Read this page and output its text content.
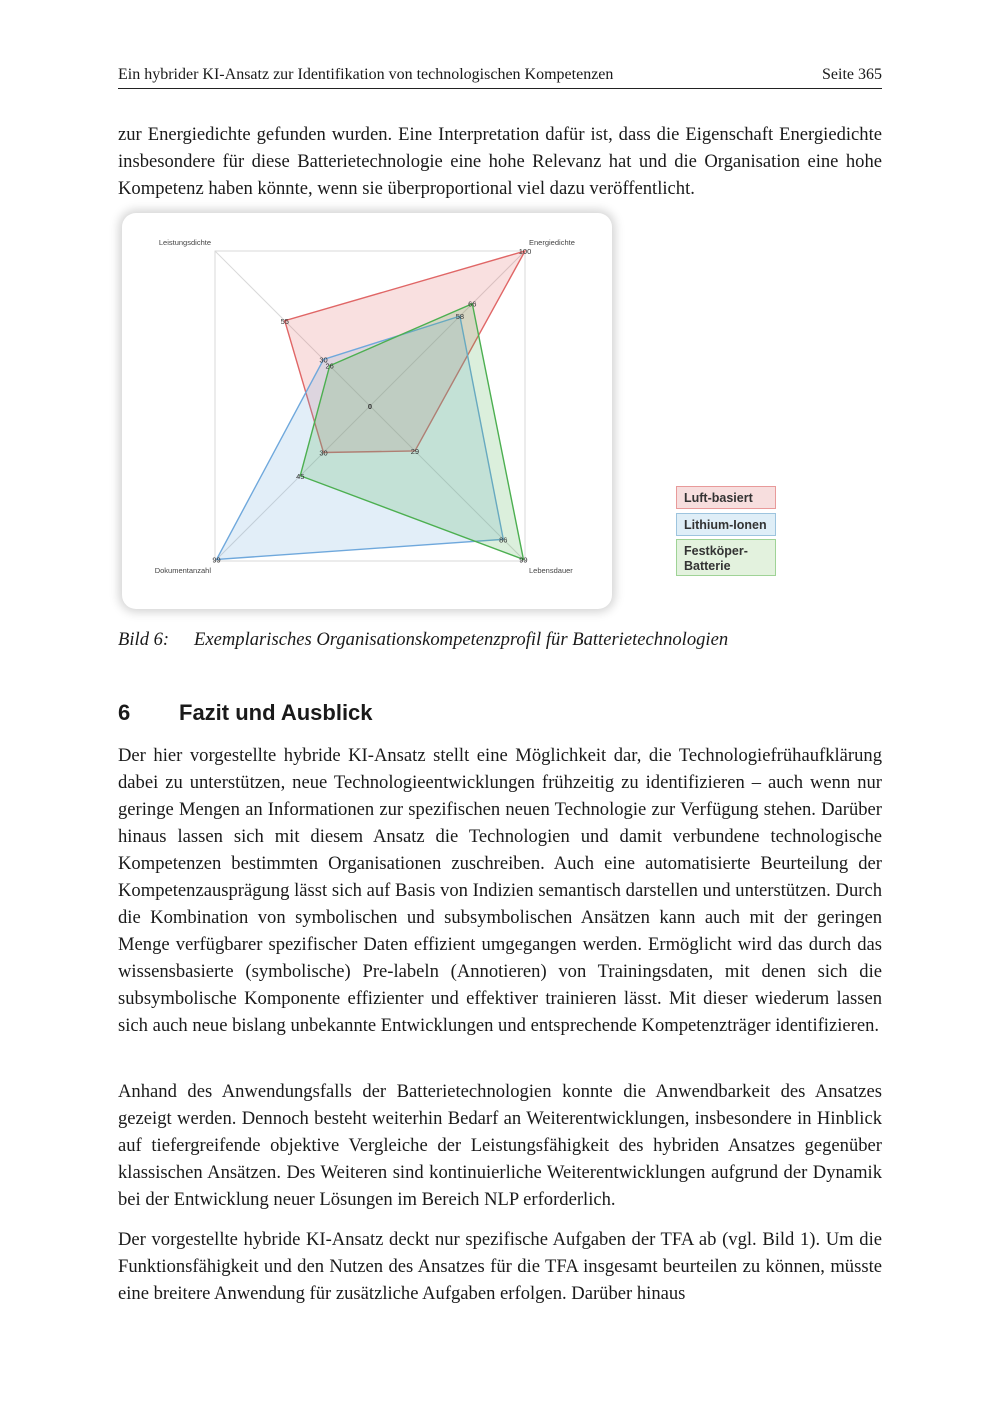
Ein hybrider KI-Ansatz zur Identifikation von technologischen Kompetenzen	Seite 365

zur Energiedichte gefunden wurden. Eine Interpretation dafür ist, dass die Eigenschaft Energiedichte insbesondere für diese Batterietechnologie eine hohe Relevanz hat und die Organisation eine hohe Kompetenz haben könnte, wenn sie überproportional viel dazu veröffentlicht.

100
29
30
55
58
86
99
30
66
99
45
26
0
Energiedichte
Lebensdauer
Dokumentanzahl
Leistungsdichte
Luft-basiert
Lithium-Ionen
Festköper-
Batterie
Bild 6: Exemplarisches Organisationskompetenzprofil für Batterietechnologien
6 Fazit und Ausblick

Der hier vorgestellte hybride KI-Ansatz stellt eine Möglichkeit dar, die Technologiefrühaufklärung dabei zu unterstützen, neue Technologieentwicklungen frühzeitig zu identifizieren – auch wenn nur geringe Mengen an Informationen zur spezifischen neuen Technologie zur Verfügung stehen. Darüber hinaus lassen sich mit diesem Ansatz die Technologien und damit verbundene technologische Kompetenzen bestimmten Organisationen zuschreiben. Auch eine automatisierte Beurteilung der Kompetenzausprägung lässt sich auf Basis von Indizien semantisch darstellen und unterstützen. Durch die Kombination von symbolischen und subsymbolischen Ansätzen kann auch mit der geringen Menge verfügbarer spezifischer Daten effizient umgegangen werden. Ermöglicht wird das durch das wissensbasierte (symbolische) Pre-labeln (Annotieren) von Trainingsdaten, mit denen sich die subsymbolische Komponente effizienter und effektiver trainieren lässt. Mit dieser wiederum lassen sich auch neue bislang unbekannte Entwicklungen und entsprechende Kompetenzträger identifizieren.

Anhand des Anwendungsfalls der Batterietechnologien konnte die Anwendbarkeit des Ansatzes gezeigt werden. Dennoch besteht weiterhin Bedarf an Weiterentwicklungen, insbesondere in Hinblick auf tiefergreifende objektive Vergleiche der Leistungsfähigkeit des hybriden Ansatzes gegenüber klassischen Ansätzen. Des Weiteren sind kontinuierliche Weiterentwicklungen aufgrund der Dynamik bei der Entwicklung neuer Lösungen im Bereich NLP erforderlich.

Der vorgestellte hybride KI-Ansatz deckt nur spezifische Aufgaben der TFA ab (vgl. Bild 1). Um die Funktionsfähigkeit und den Nutzen des Ansatzes für die TFA insgesamt beurteilen zu können, müsste eine breitere Anwendung für zusätzliche Aufgaben erfolgen. Darüber hinaus
